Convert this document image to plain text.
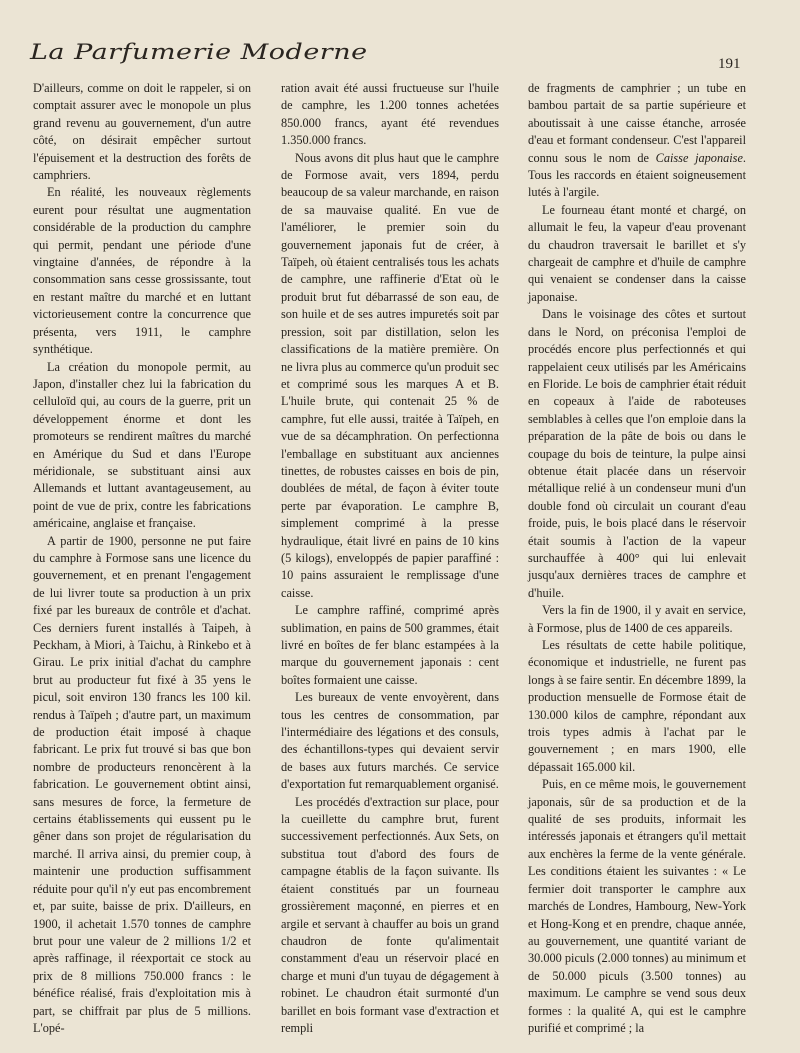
La Parfumerie Moderne	191

D'ailleurs, comme on doit le rappeler, si on comptait assurer avec le monopole un plus grand revenu au gouvernement, d'un autre côté, on désirait empêcher surtout l'épuisement et la destruction des forêts de camphriers.

En réalité, les nouveaux règlements eurent pour résultat une augmentation considérable de la production du camphre qui permit, pendant une période d'une vingtaine d'années, de répondre à la consommation sans cesse grossissante, tout en restant maître du marché et en luttant victorieusement contre la concurrence que présenta, vers 1911, le camphre synthétique.

La création du monopole permit, au Japon, d'installer chez lui la fabrication du celluloïd qui, au cours de la guerre, prit un développement énorme et dont les promoteurs se rendirent maîtres du marché en Amérique du Sud et dans l'Europe méridionale, se substituant ainsi aux Allemands et luttant avantageusement, au point de vue de prix, contre les fabrications américaine, anglaise et française.

A partir de 1900, personne ne put faire du camphre à Formose sans une licence du gouvernement, et en prenant l'engagement de lui livrer toute sa production à un prix fixé par les bureaux de contrôle et d'achat. Ces derniers furent installés à Taipeh, à Peckham, à Miori, à Taichu, à Rinkebo et à Girau. Le prix initial d'achat du camphre brut au producteur fut fixé à 35 yens le picul, soit environ 130 francs les 100 kil. rendus à Taïpeh ; d'autre part, un maximum de production était imposé à chaque fabricant. Le prix fut trouvé si bas que bon nombre de producteurs renoncèrent à la fabrication. Le gouvernement obtint ainsi, sans mesures de force, la fermeture de certains établissements qui eussent pu le gêner dans son projet de régularisation du marché. Il arriva ainsi, du premier coup, à maintenir une production suffisamment réduite pour qu'il n'y eut pas encombrement et, par suite, baisse de prix. D'ailleurs, en 1900, il achetait 1.570 tonnes de camphre brut pour une valeur de 2 millions 1/2 et après raffinage, il réexportait ce stock au prix de 8 millions 750.000 francs : le bénéfice réalisé, frais d'exploitation mis à part, se chiffrait par plus de 5 millions. L'opé-

ration avait été aussi fructueuse sur l'huile de camphre, les 1.200 tonnes achetées 850.000 francs, ayant été revendues 1.350.000 francs.

Nous avons dit plus haut que le camphre de Formose avait, vers 1894, perdu beaucoup de sa valeur marchande, en raison de sa mauvaise qualité. En vue de l'améliorer, le premier soin du gouvernement japonais fut de créer, à Taïpeh, où étaient centralisés tous les achats de camphre, une raffinerie d'Etat où le produit brut fut débarrassé de son eau, de son huile et de ses autres impuretés soit par pression, soit par distillation, selon les classifications de la matière première. On ne livra plus au commerce qu'un produit sec et comprimé sous les marques A et B. L'huile brute, qui contenait 25 % de camphre, fut elle aussi, traitée à Taïpeh, en vue de sa décamphration. On perfectionna l'emballage en substituant aux anciennes tinettes, de robustes caisses en bois de pin, doublées de métal, de façon à éviter toute perte par évaporation. Le camphre B, simplement comprimé à la presse hydraulique, était livré en pains de 10 kins (5 kilogs), enveloppés de papier paraffiné : 10 pains assuraient le remplissage d'une caisse.

Le camphre raffiné, comprimé après sublimation, en pains de 500 grammes, était livré en boîtes de fer blanc estampées à la marque du gouvernement japonais : cent boîtes formaient une caisse.

Les bureaux de vente envoyèrent, dans tous les centres de consommation, par l'intermédiaire des légations et des consuls, des échantillons-types qui devaient servir de bases aux futurs marchés. Ce service d'exportation fut remarquablement organisé.

Les procédés d'extraction sur place, pour la cueillette du camphre brut, furent successivement perfectionnés. Aux Sets, on substitua tout d'abord des fours de campagne établis de la façon suivante. Ils étaient constitués par un fourneau grossièrement maçonné, en pierres et en argile et servant à chauffer au bois un grand chaudron de fonte qu'alimentait constamment d'eau un réservoir placé en charge et muni d'un tuyau de dégagement à robinet. Le chaudron était surmonté d'un barillet en bois formant vase d'extraction et rempli

de fragments de camphrier ; un tube en bambou partait de sa partie supérieure et aboutissait à une caisse étanche, arrosée d'eau et formant condenseur. C'est l'appareil connu sous le nom de Caisse japonaise. Tous les raccords en étaient soigneusement lutés à l'argile.

Le fourneau étant monté et chargé, on allumait le feu, la vapeur d'eau provenant du chaudron traversait le barillet et s'y chargeait de camphre et d'huile de camphre qui venaient se condenser dans la caisse japonaise.

Dans le voisinage des côtes et surtout dans le Nord, on préconisa l'emploi de procédés encore plus perfectionnés et qui rappelaient ceux utilisés par les Américains en Floride. Le bois de camphrier était réduit en copeaux à l'aide de raboteuses semblables à celles que l'on emploie dans la préparation de la pâte de bois ou dans le coupage du bois de teinture, la pulpe ainsi obtenue était placée dans un réservoir métallique relié à un condenseur muni d'un double fond où circulait un courant d'eau froide, puis, le bois placé dans le réservoir était soumis à l'action de la vapeur surchauffée à 400° qui lui enlevait jusqu'aux dernières traces de camphre et d'huile.

Vers la fin de 1900, il y avait en service, à Formose, plus de 1400 de ces appareils.

Les résultats de cette habile politique, économique et industrielle, ne furent pas longs à se faire sentir. En décembre 1899, la production mensuelle de Formose était de 130.000 kilos de camphre, répondant aux trois types admis à l'achat par le gouvernement ; en mars 1900, elle dépassait 165.000 kil.

Puis, en ce même mois, le gouvernement japonais, sûr de sa production et de la qualité de ses produits, informait les intéressés japonais et étrangers qu'il mettait aux enchères la ferme de la vente générale. Les conditions étaient les suivantes : « Le fermier doit transporter le camphre aux marchés de Londres, Hambourg, New-York et Hong-Kong et en prendre, chaque année, au gouvernement, une quantité variant de 30.000 piculs (2.000 tonnes) au minimum et de 50.000 piculs (3.500 tonnes) au maximum. Le camphre se vend sous deux formes : la qualité A, qui est le camphre purifié et comprimé ; la
